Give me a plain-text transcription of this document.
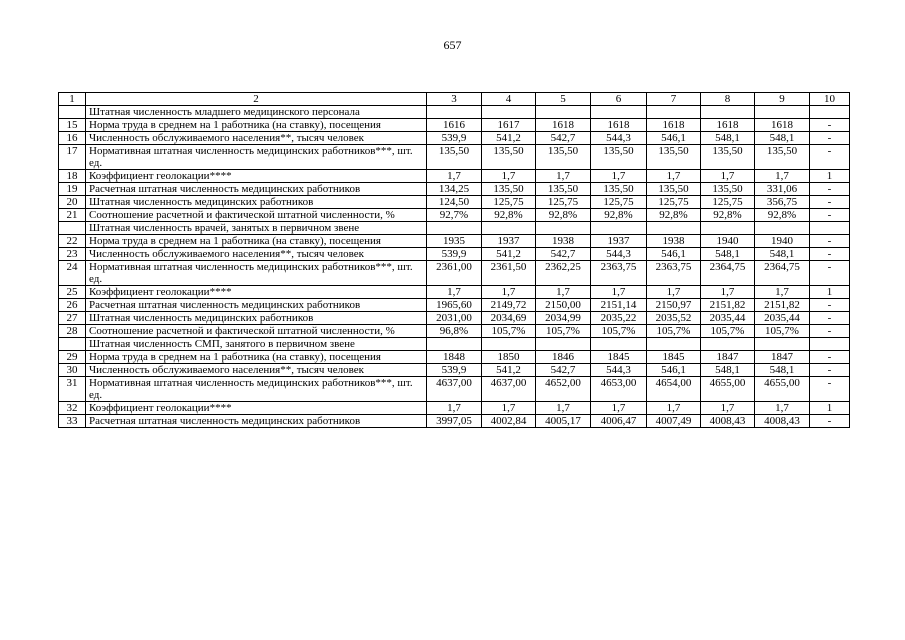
657
1	2	3	4	5	6	7	8	9	10
	Штатная численность младшего медицинского персонала								
15	Норма труда в среднем на 1 работника (на ставку), посещения	1616	1617	1618	1618	1618	1618	1618	-
16	Численность обслуживаемого населения**, тысяч человек	539,9	541,2	542,7	544,3	546,1	548,1	548,1	-
17	Нормативная штатная численность медицинских работников***, шт. ед.	135,50	135,50	135,50	135,50	135,50	135,50	135,50	-
18	Коэффициент геолокации****	1,7	1,7	1,7	1,7	1,7	1,7	1,7	1
19	Расчетная штатная численность медицинских работников	134,25	135,50	135,50	135,50	135,50	135,50	331,06	-
20	Штатная численность медицинских работников	124,50	125,75	125,75	125,75	125,75	125,75	356,75	-
21	Соотношение расчетной и фактической штатной численности, %	92,7%	92,8%	92,8%	92,8%	92,8%	92,8%	92,8%	-
	Штатная численность врачей, занятых в первичном звене								
22	Норма труда в среднем на 1 работника (на ставку), посещения	1935	1937	1938	1937	1938	1940	1940	-
23	Численность обслуживаемого населения**, тысяч человек	539,9	541,2	542,7	544,3	546,1	548,1	548,1	-
24	Нормативная штатная численность медицинских работников***, шт. ед.	2361,00	2361,50	2362,25	2363,75	2363,75	2364,75	2364,75	-
25	Коэффициент геолокации****	1,7	1,7	1,7	1,7	1,7	1,7	1,7	1
26	Расчетная штатная численность медицинских работников	1965,60	2149,72	2150,00	2151,14	2150,97	2151,82	2151,82	-
27	Штатная численность медицинских работников	2031,00	2034,69	2034,99	2035,22	2035,52	2035,44	2035,44	-
28	Соотношение расчетной и фактической штатной численности, %	96,8%	105,7%	105,7%	105,7%	105,7%	105,7%	105,7%	-
	Штатная численность СМП, занятого в первичном звене								
29	Норма труда в среднем на 1 работника (на ставку), посещения	1848	1850	1846	1845	1845	1847	1847	-
30	Численность обслуживаемого населения**, тысяч человек	539,9	541,2	542,7	544,3	546,1	548,1	548,1	-
31	Нормативная штатная численность медицинских работников***, шт. ед.	4637,00	4637,00	4652,00	4653,00	4654,00	4655,00	4655,00	-
32	Коэффициент геолокации****	1,7	1,7	1,7	1,7	1,7	1,7	1,7	1
33	Расчетная штатная численность медицинских работников	3997,05	4002,84	4005,17	4006,47	4007,49	4008,43	4008,43	-
